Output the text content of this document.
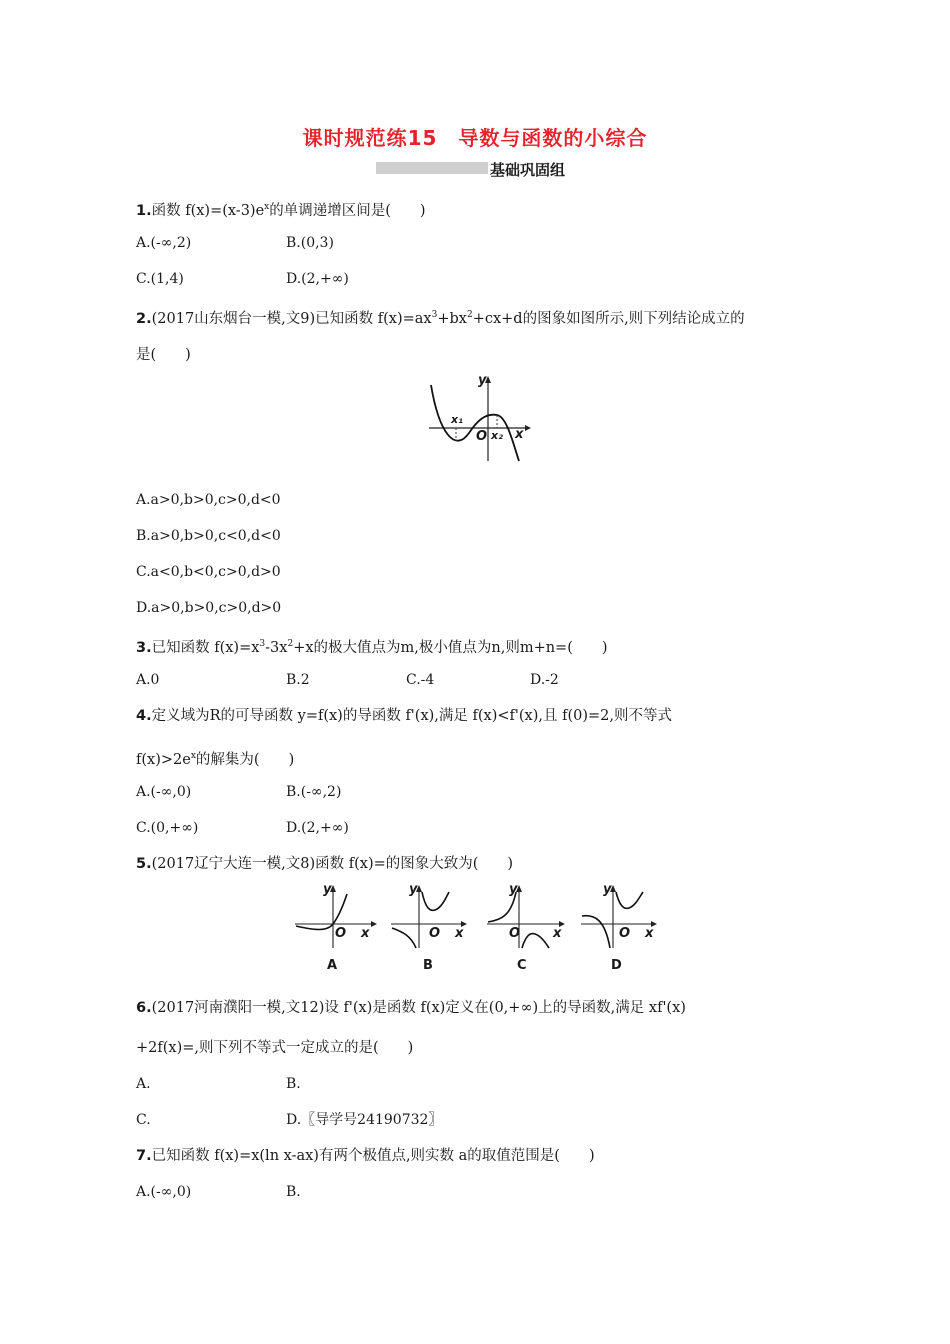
课时规范练15　导数与函数的小综合
基础巩固组
1.函数 $f(x)=(x-3)e^x$的单调递增区间是(　　)
A.(-∞,2)	B.(0,3)
C.(1,4)	D.(2,+∞)
2.(2017山东烟台一模,文9)已知函数 $f(x)=ax^3+bx^2+cx+d$的图象如图所示,则下列结论成立的
是(　　)
y
x
O
x₁
x₂
A.a>0,b>0,c>0,d<0
B.a>0,b>0,c<0,d<0
C.a<0,b<0,c>0,d>0
D.a>0,b>0,c>0,d>0
3.已知函数 $f(x)=x^3-3x^2+x$的极大值点为m,极小值点为n,则m+n=(　　)
A.0	B.2	C.-4	D.-2
4.定义域为R的可导函数 y=f(x)的导函数 f'(x),满足 f(x)<f'(x),且 f(0)=2,则不等式
$f(x)>2e^x$的解集为(　　)
A.(-∞,0)	B.(-∞,2)
C.(0,+∞)	D.(2,+∞)
5.(2017辽宁大连一模,文8)函数 f(x)=的图象大致为(　　)
y
x
O
A
y
x
O
B
y
x
O
C
y
x
O
D
6.(2017河南濮阳一模,文12)设 f'(x)是函数 f(x)定义在(0,+∞)上的导函数,满足 xf'(x)
+2f(x)=,则下列不等式一定成立的是(　　)
A.	B.
C.	D.〖导学号24190732〗
7.已知函数 f(x)=x(ln x-ax)有两个极值点,则实数 a的取值范围是(　　)
A.(-∞,0)	B.
